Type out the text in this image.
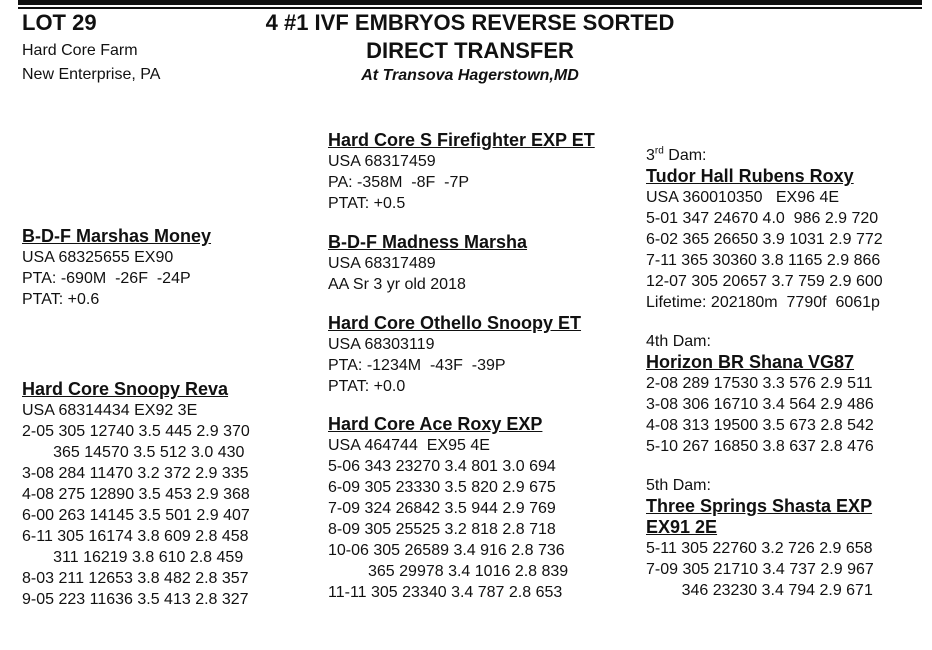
LOT 29
Hard Core Farm
New Enterprise, PA
4 #1 IVF EMBRYOS REVERSE SORTED
DIRECT TRANSFER
At Transova Hagerstown,MD
B-D-F Marshas Money
USA 68325655 EX90
PTA: -690M  -26F  -24P
PTAT: +0.6
Hard Core Snoopy Reva
USA 68314434 EX92 3E
2-05 305 12740 3.5 445 2.9 370
365 14570 3.5 512 3.0 430
3-08 284 11470 3.2 372 2.9 335
4-08 275 12890 3.5 453 2.9 368
6-00 263 14145 3.5 501 2.9 407
6-11 305 16174 3.8 609 2.8 458
311 16219 3.8 610 2.8 459
8-03 211 12653 3.8 482 2.8 357
9-05 223 11636 3.5 413 2.8 327
Hard Core S Firefighter EXP ET
USA 68317459
PA: -358M  -8F  -7P
PTAT: +0.5
B-D-F Madness Marsha
USA 68317489
AA Sr 3 yr old 2018
Hard Core Othello Snoopy ET
USA 68303119
PTA: -1234M  -43F  -39P
PTAT: +0.0
Hard Core Ace Roxy EXP
USA 464744  EX95 4E
5-06 343 23270 3.4 801 3.0 694
6-09 305 23330 3.5 820 2.9 675
7-09 324 26842 3.5 944 2.9 769
8-09 305 25525 3.2 818 2.8 718
10-06 305 26589 3.4 916 2.8 736
365 29978 3.4 1016 2.8 839
11-11 305 23340 3.4 787 2.8 653
3rd Dam:
Tudor Hall Rubens Roxy
USA 360010350   EX96 4E
5-01 347 24670 4.0  986 2.9 720
6-02 365 26650 3.9 1031 2.9 772
7-11 365 30360 3.8 1165 2.9 866
12-07 305 20657 3.7 759 2.9 600
Lifetime: 202180m  7790f  6061p
4th Dam:
Horizon BR Shana VG87
2-08 289 17530 3.3 576 2.9 511
3-08 306 16710 3.4 564 2.9 486
4-08 313 19500 3.5 673 2.8 542
5-10 267 16850 3.8 637 2.8 476
5th Dam:
Three Springs Shasta EXP
EX91 2E
5-11 305 22760 3.2 726 2.9 658
7-09 305 21710 3.4 737 2.9 967
346 23230 3.4 794 2.9 671
